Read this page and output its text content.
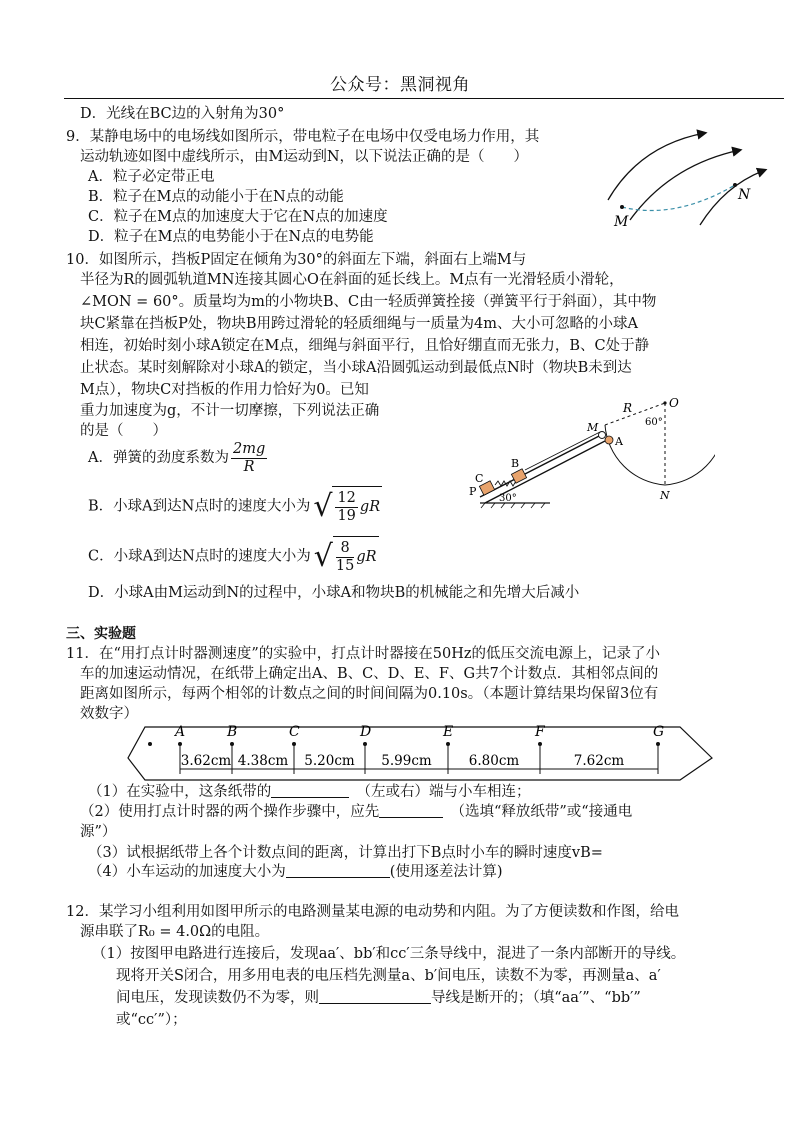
公众号：黑洞视角
D．光线在BC边的入射角为30°
9．某静电场中的电场线如图所示，带电粒子在电场中仅受电场力作用，其
运动轨迹如图中虚线所示，由M运动到N，以下说法正确的是（　　）
A．粒子必定带正电
B．粒子在M点的动能小于在N点的动能
C．粒子在M点的加速度大于它在N点的加速度
D．粒子在M点的电势能小于在N点的电势能
M
N
10．如图所示，挡板P固定在倾角为30°的斜面左下端，斜面右上端M与
半径为R的圆弧轨道MN连接其圆心O在斜面的延长线上。M点有一光滑轻质小滑轮，
∠MON = 60°。质量均为m的小物块B、C由一轻质弹簧拴接（弹簧平行于斜面），其中物
块C紧靠在挡板P处，物块B用跨过滑轮的轻质细绳与一质量为4m、大小可忽略的小球A
相连，初始时刻小球A锁定在M点，细绳与斜面平行，且恰好绷直而无张力，B、C处于静
止状态。某时刻解除对小球A的锁定，当小球A沿圆弧运动到最低点N时（物块B未到达
M点），物块C对挡板的作用力恰好为0。已知
重力加速度为g，不计一切摩擦，下列说法正确
的是（　　）
A．弹簧的劲度系数为 $\frac{2mg}{R}$
B．小球A到达N点时的速度大小为 √ $\frac{12}{19}$ gR
C．小球A到达N点时的速度大小为 √ $\frac{8}{15}$ gR
D．小球A由M运动到N的过程中，小球A和物块B的机械能之和先增大后减小
O
R
60°
30°
P
C
B
M
A
N
三、实验题
11．在“用打点计时器测速度”的实验中，打点计时器接在50Hz的低压交流电源上，记录了小
车的加速运动情况，在纸带上确定出A、B、C、D、E、F、G共7个计数点．其相邻点间的
距离如图所示，每两个相邻的计数点之间的时间间隔为0.10s。（本题计算结果均保留3位有
效数字）
A	B	C	D	E	F	G
3.62cm 4.38cm 5.20cm 5.99cm	6.80cm	7.62cm
（1）在实验中，这条纸带的　	（左或右）端与小车相连；
（2）使用打点计时器的两个操作步骤中，应先　	（选填“释放纸带”或“接通电
源”）
（3）试根据纸带上各个计数点间的距离，计算出打下B点时小车的瞬时速度vB=
（4）小车运动的加速度大小为	(使用逐差法计算)
12．某学习小组利用如图甲所示的电路测量某电源的电动势和内阻。为了方便读数和作图，给电
源串联了R₀ = 4.0Ω的电阻。
（1）按图甲电路进行连接后，发现aa′、bb′和cc′三条导线中，混进了一条内部断开的导线。
现将开关S闭合，用多用电表的电压档先测量a、b′间电压，读数不为零，再测量a、a′
间电压，发现读数仍不为零，则	导线是断开的；（填“aa′”、“bb′”
或“cc′”）；
